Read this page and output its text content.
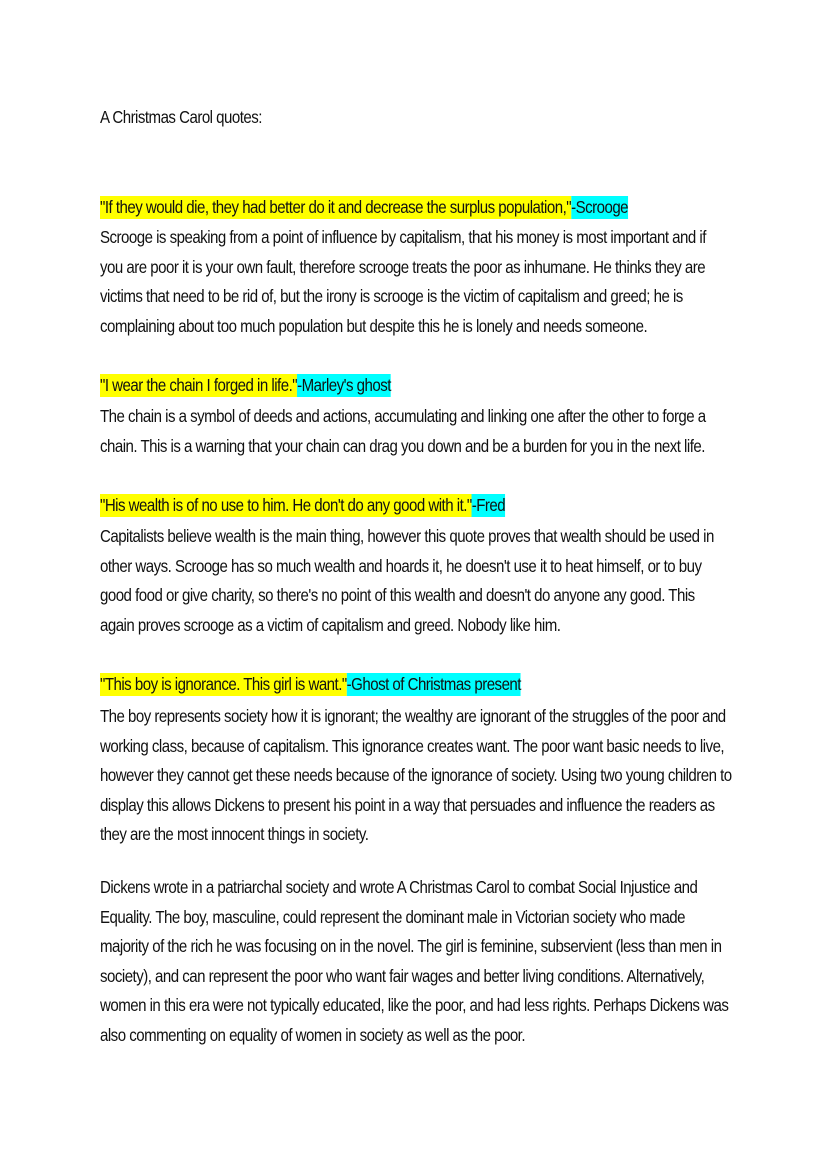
A Christmas Carol quotes:
"If they would die, they had better do it and decrease the surplus population,"-Scrooge
Scrooge is speaking from a point of influence by capitalism, that his money is most important and if you are poor it is your own fault, therefore scrooge treats the poor as inhumane. He thinks they are victims that need to be rid of, but the irony is scrooge is the victim of capitalism and greed; he is complaining about too much population but despite this he is lonely and needs someone.
"I wear the chain I forged in life."-Marley's ghost
The chain is a symbol of deeds and actions, accumulating and linking one after the other to forge a chain. This is a warning that your chain can drag you down and be a burden for you in the next life.
"His wealth is of no use to him. He don't do any good with it."-Fred
Capitalists believe wealth is the main thing, however this quote proves that wealth should be used in other ways. Scrooge has so much wealth and hoards it, he doesn't use it to heat himself, or to buy good food or give charity, so there's no point of this wealth and doesn't do anyone any good. This again proves scrooge as a victim of capitalism and greed. Nobody like him.
"This boy is ignorance. This girl is want."-Ghost of Christmas present
The boy represents society how it is ignorant; the wealthy are ignorant of the struggles of the poor and working class, because of capitalism. This ignorance creates want. The poor want basic needs to live, however they cannot get these needs because of the ignorance of society. Using two young children to display this allows Dickens to present his point in a way that persuades and influence the readers as they are the most innocent things in society.
Dickens wrote in a patriarchal society and wrote A Christmas Carol to combat Social Injustice and Equality. The boy, masculine, could represent the dominant male in Victorian society who made majority of the rich he was focusing on in the novel. The girl is feminine, subservient (less than men in society), and can represent the poor who want fair wages and better living conditions. Alternatively, women in this era were not typically educated, like the poor, and had less rights. Perhaps Dickens was also commenting on equality of women in society as well as the poor.
